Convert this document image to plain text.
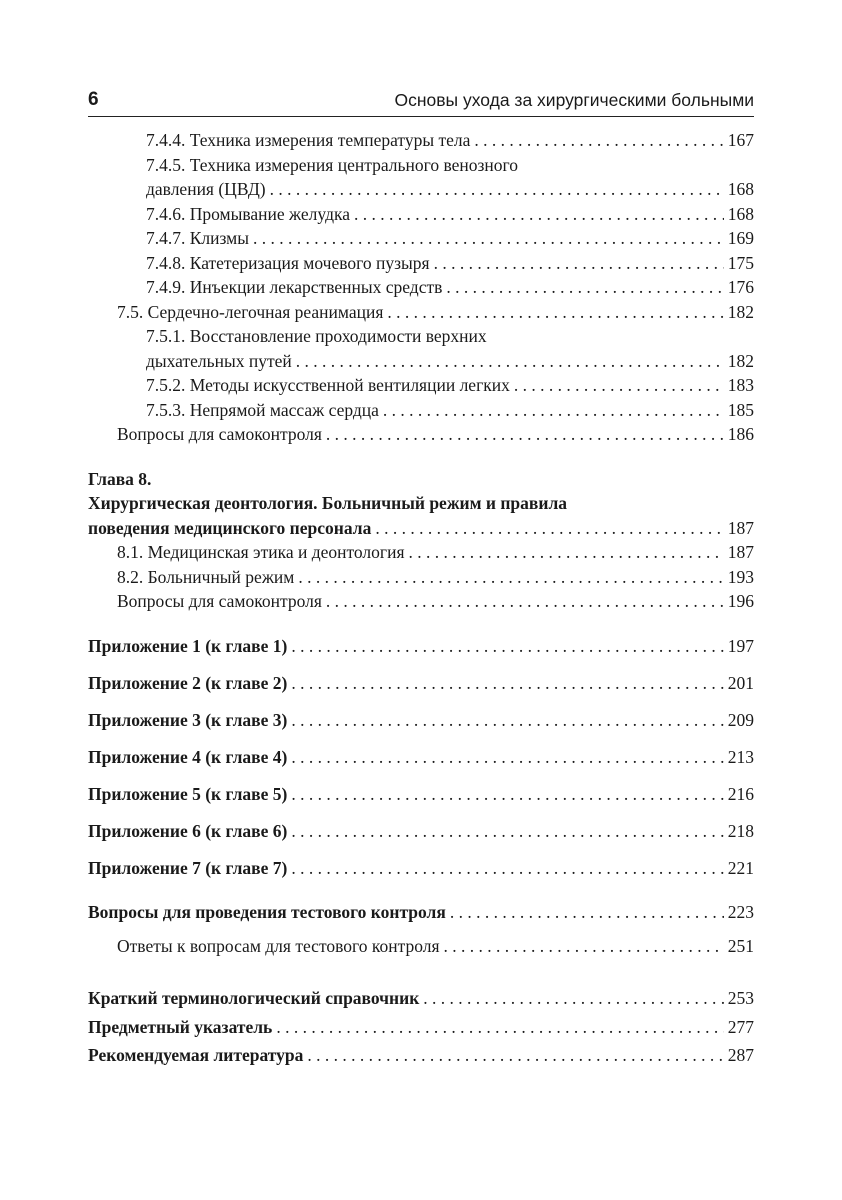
6	Основы ухода за хирургическими больными
7.4.4. Техника измерения температуры тела . . .	167
7.4.5. Техника измерения центрального венозного
давления (ЦВД) . . .	168
7.4.6. Промывание желудка . . .	168
7.4.7. Клизмы . . .	169
7.4.8. Катетеризация мочевого пузыря . . .	175
7.4.9. Инъекции лекарственных средств . . .	176
7.5. Сердечно-легочная реанимация . . .	182
7.5.1. Восстановление проходимости верхних
дыхательных путей . . .	182
7.5.2. Методы искусственной вентиляции легких . . .	183
7.5.3. Непрямой массаж сердца . . .	185
Вопросы для самоконтроля . . .	186
Глава 8.
Хирургическая деонтология. Больничный режим и правила
поведения медицинского персонала . . .	187
8.1. Медицинская этика и деонтология . . .	187
8.2. Больничный режим . . .	193
Вопросы для самоконтроля . . .	196
Приложение 1 (к главе 1) . . .	197
Приложение 2 (к главе 2) . . .	201
Приложение 3 (к главе 3) . . .	209
Приложение 4 (к главе 4) . . .	213
Приложение 5 (к главе 5) . . .	216
Приложение 6 (к главе 6) . . .	218
Приложение 7 (к главе 7) . . .	221
Вопросы для проведения тестового контроля . . .	223
Ответы к вопросам для тестового контроля . . .	251
Краткий терминологический справочник . . .	253
Предметный указатель . . .	277
Рекомендуемая литература . . .	287
